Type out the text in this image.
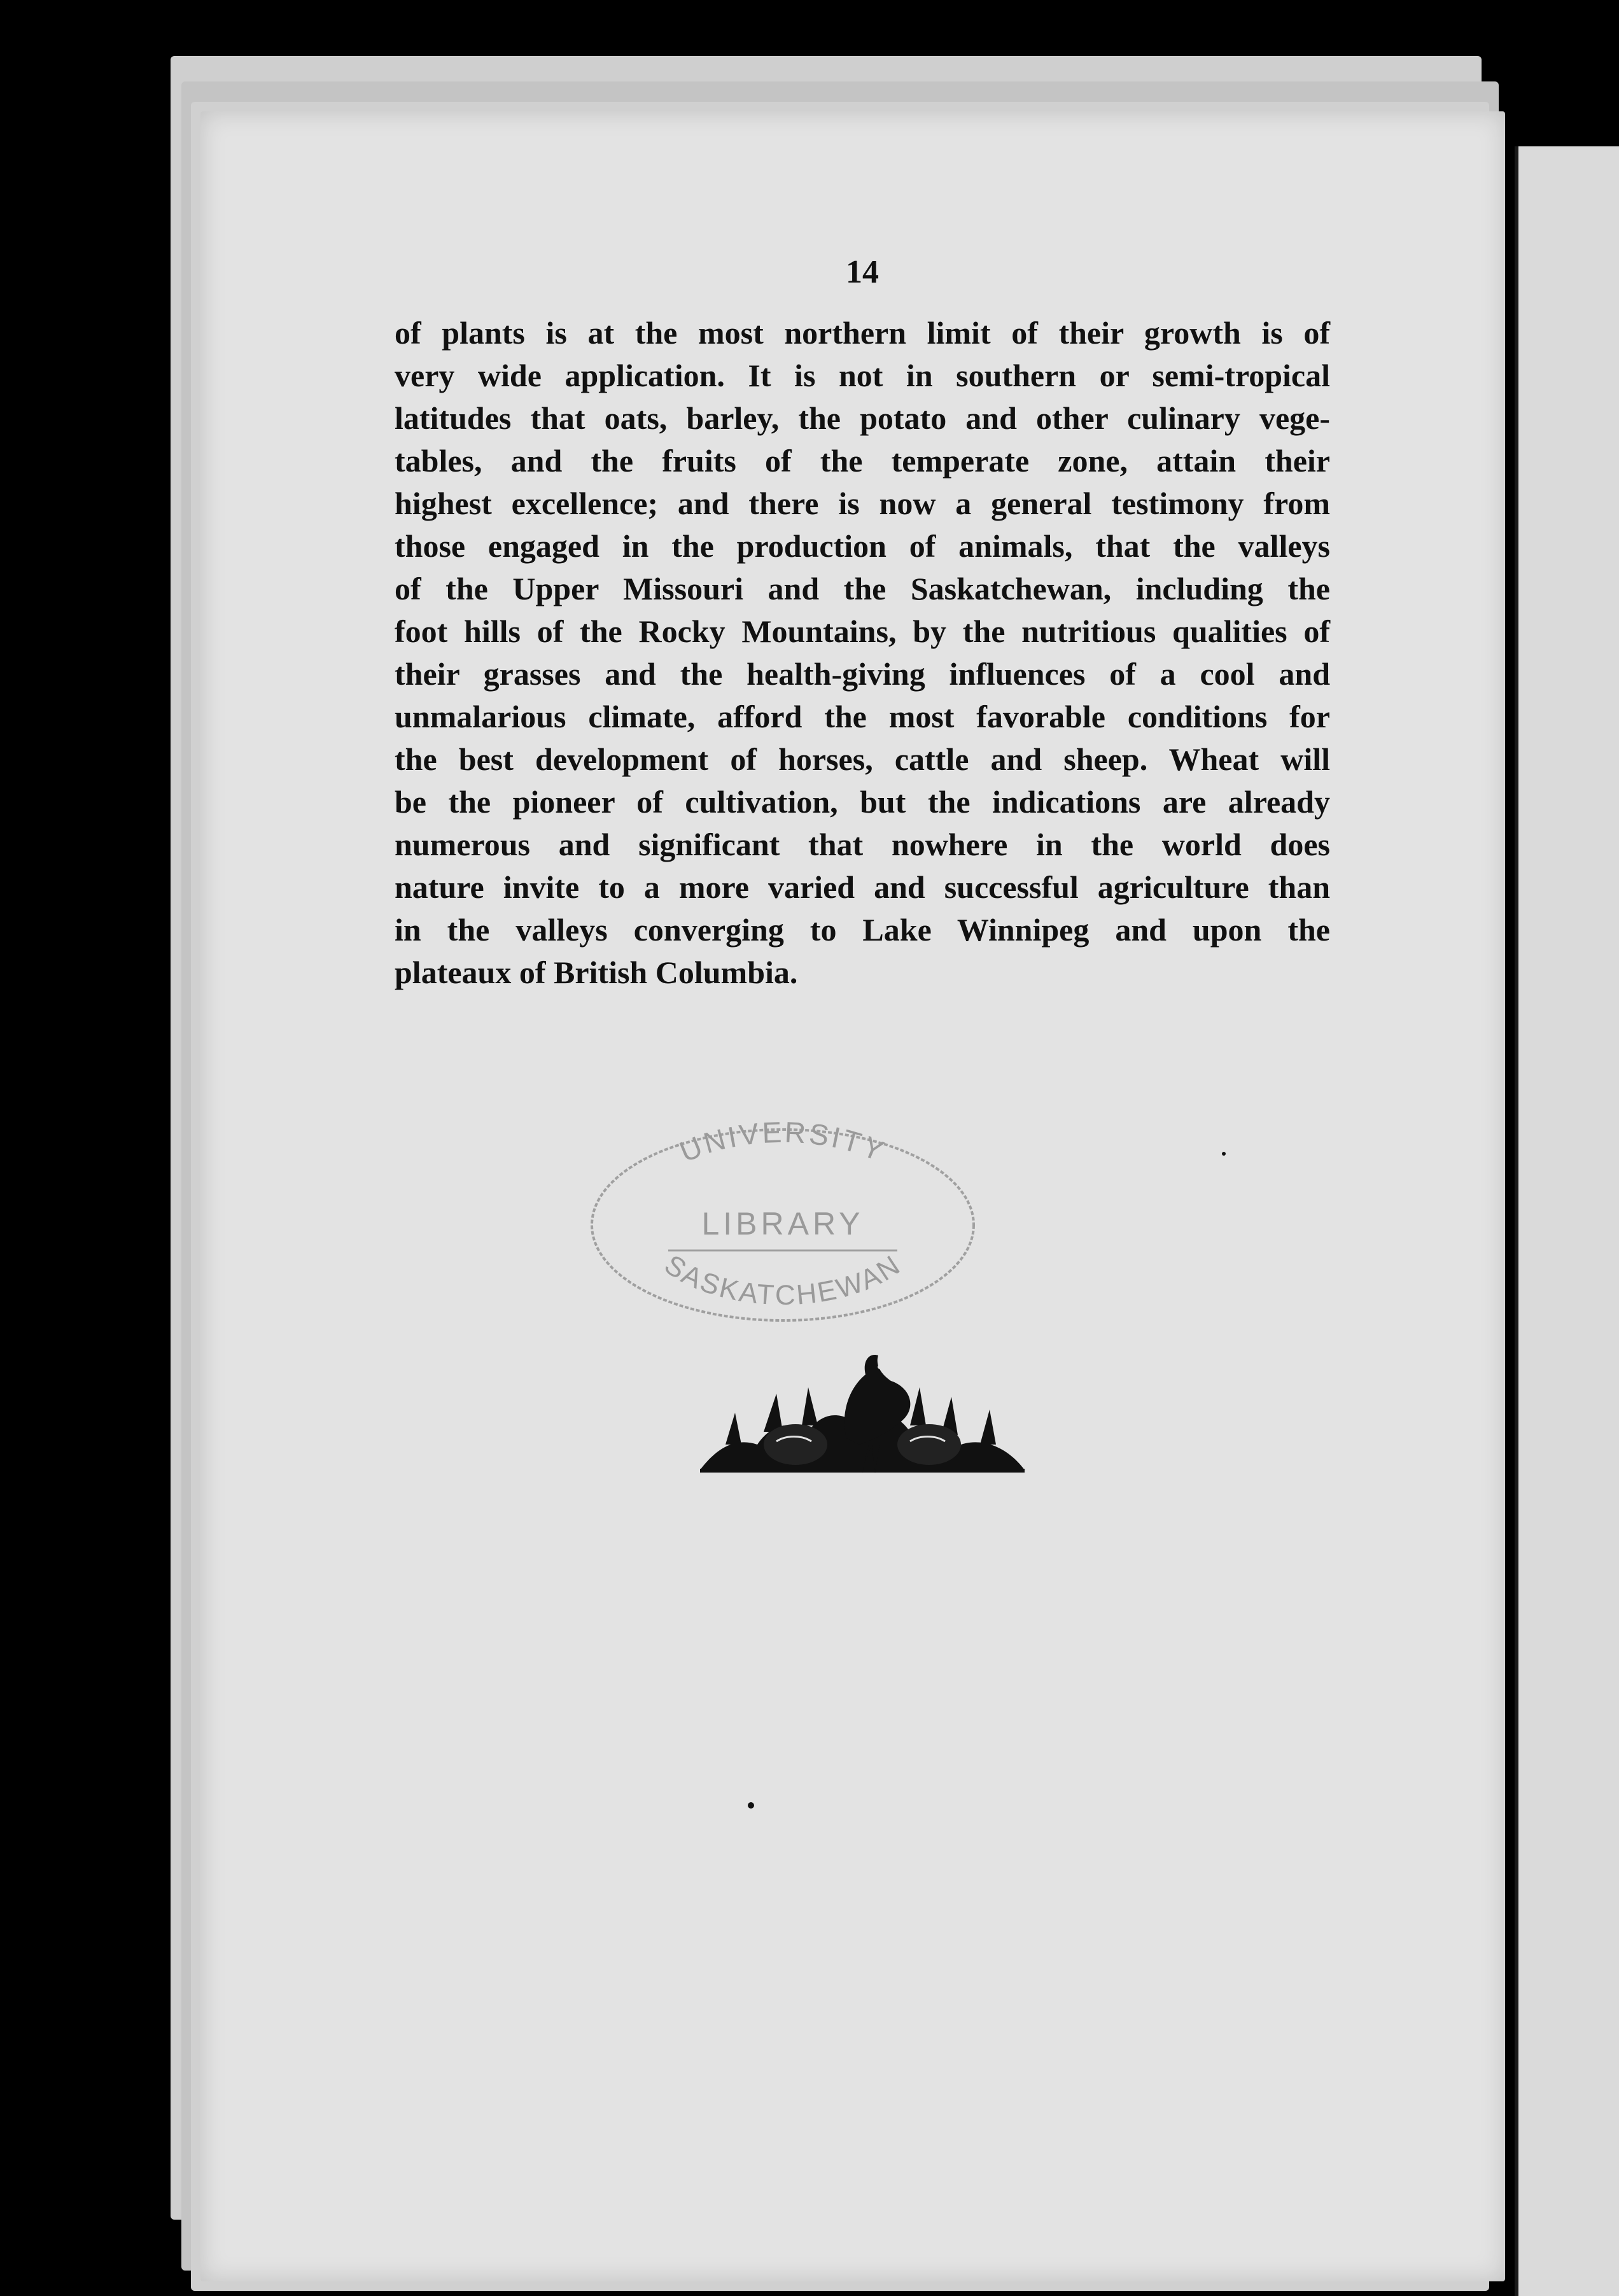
14
of plants is at the most northern limit of their growth is of
very wide application. It is not in southern or semi-tropical
latitudes that oats, barley, the potato and other culinary vege-
tables, and the fruits of the temperate zone, attain their
highest excellence; and there is now a general testimony from
those engaged in the production of animals, that the valleys
of the Upper Missouri and the Saskatchewan, including the
foot hills of the Rocky Mountains, by the nutritious qualities of
their grasses and the health-giving influences of a cool and
unmalarious climate, afford the most favorable conditions for
the best development of horses, cattle and sheep. Wheat will
be the pioneer of cultivation, but the indications are already
numerous and significant that nowhere in the world does
nature invite to a more varied and successful agriculture than
in the valleys converging to Lake Winnipeg and upon the
plateaux of British Columbia.
UNIVERSITY
LIBRARY
SASKATCHEWAN
